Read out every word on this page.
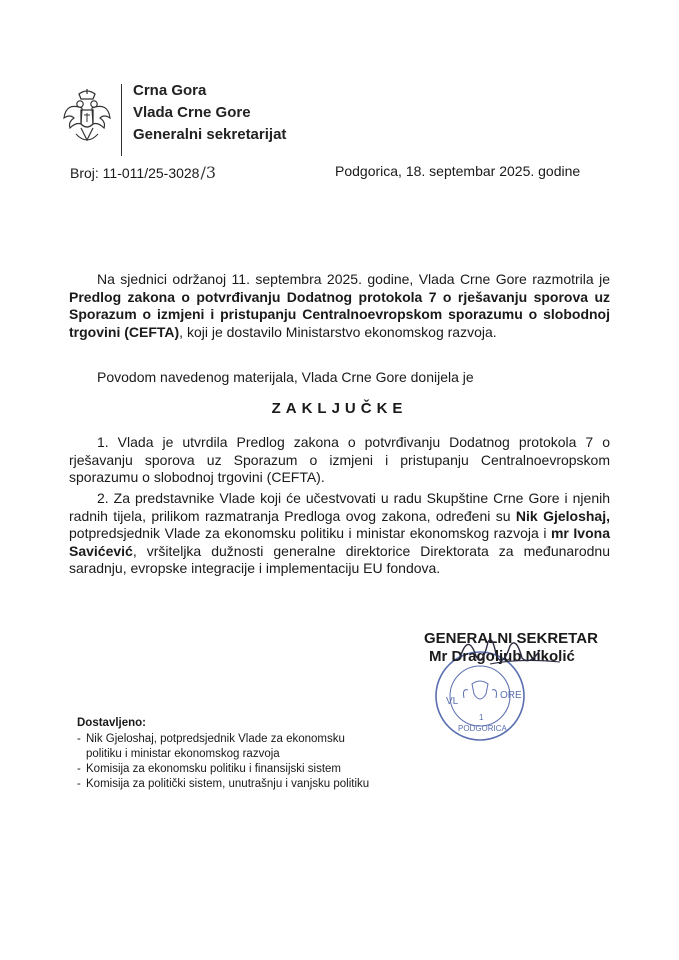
Crna Gora
Vlada Crne Gore
Generalni sekretarijat
Broj: 11-011/25-3028/3	Podgorica, 18. septembar 2025. godine

Na sjednici održanoj 11. septembra 2025. godine, Vlada Crne Gore razmotrila je Predlog zakona o potvrđivanju Dodatnog protokola 7 o rješavanju sporova uz Sporazum o izmjeni i pristupanju Centralnoevropskom sporazumu o slobodnoj trgovini (CEFTA), koji je dostavilo Ministarstvo ekonomskog razvoja.

Povodom navedenog materijala, Vlada Crne Gore donijela je

ZAKLJUČKE

1. Vlada je utvrdila Predlog zakona o potvrđivanju Dodatnog protokola 7 o rješavanju sporova uz Sporazum o izmjeni i pristupanju Centralnoevropskom sporazumu o slobodnoj trgovini (CEFTA).

2. Za predstavnike Vlade koji će učestvovati u radu Skupštine Crne Gore i njenih radnih tijela, prilikom razmatranja Predloga ovog zakona, određeni su Nik Gjeloshaj, potpredsjednik Vlade za ekonomsku politiku i ministar ekonomskog razvoja i mr Ivona Savićević, vršiteljka dužnosti generalne direktorice Direktorata za međunarodnu saradnju, evropske integracije i implementaciju EU fondova.

VL
ORE
1
PODGORICA
GENERALNI SEKRETAR
Mr Dragoljub Nikolić
Dostavljeno:
- Nik Gjeloshaj, potpredsjednik Vlade za ekonomsku
politiku i ministar ekonomskog razvoja
- Komisija za ekonomsku politiku i finansijski sistem
- Komisija za politički sistem, unutrašnju i vanjsku politiku
